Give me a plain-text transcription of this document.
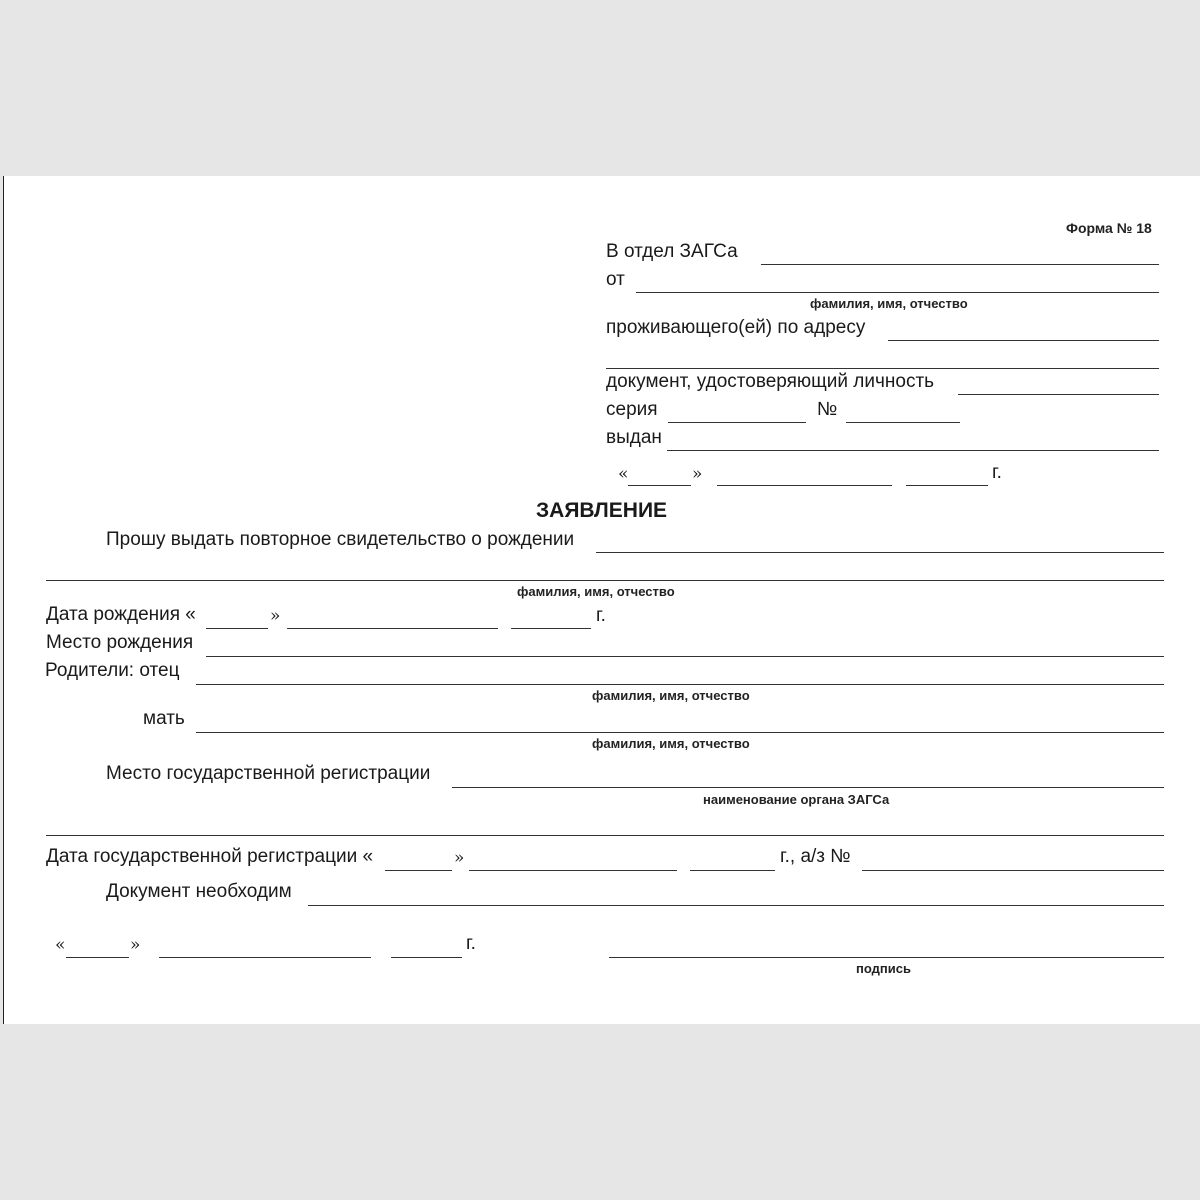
Форма № 18
В отдел ЗАГСа
от
фамилия, имя, отчество
проживающего(ей) по адресу
документ, удостоверяющий личность
серия	№
выдан
«	»	г.
ЗАЯВЛЕНИЕ
Прошу выдать повторное свидетельство о рождении
фамилия, имя, отчество
Дата рождения «	»	г.
Место рождения
Родители: отец
фамилия, имя, отчество
мать
фамилия, имя, отчество
Место государственной регистрации
наименование органа ЗАГСа
Дата государственной регистрации «	»	г., а/з №
Документ необходим
«	»	г.
подпись
